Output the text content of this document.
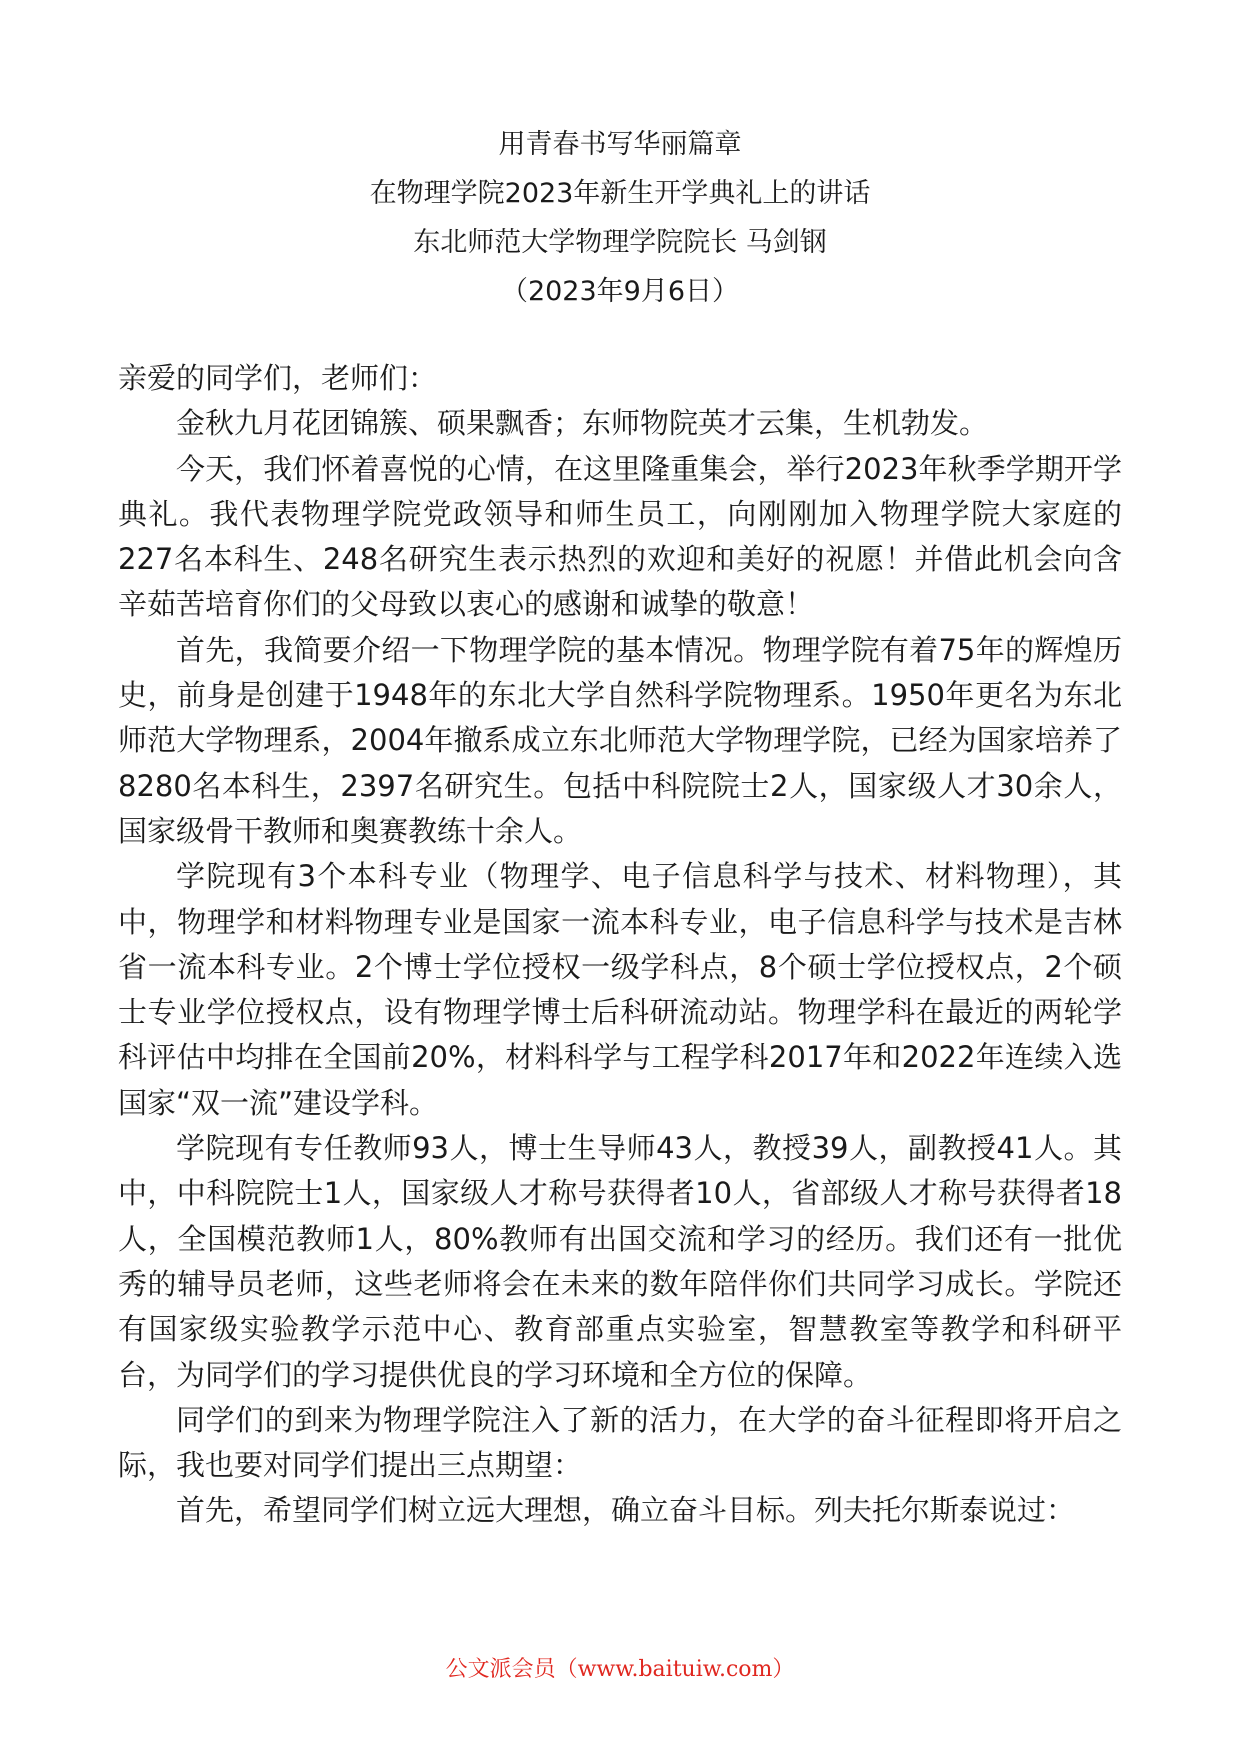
用青春书写华丽篇章
在物理学院2023年新生开学典礼上的讲话
东北师范大学物理学院院长 马剑钢
（2023年9月6日）

亲爱的同学们，老师们：

金秋九月花团锦簇、硕果飘香；东师物院英才云集，生机勃发。

今天，我们怀着喜悦的心情，在这里隆重集会，举行2023年秋季学期开学典礼。我代表物理学院党政领导和师生员工，向刚刚加入物理学院大家庭的227名本科生、248名研究生表示热烈的欢迎和美好的祝愿！并借此机会向含辛茹苦培育你们的父母致以衷心的感谢和诚挚的敬意！

首先，我简要介绍一下物理学院的基本情况。物理学院有着75年的辉煌历史，前身是创建于1948年的东北大学自然科学院物理系。1950年更名为东北师范大学物理系，2004年撤系成立东北师范大学物理学院，已经为国家培养了8280名本科生，2397名研究生。包括中科院院士2人，国家级人才30余人，国家级骨干教师和奥赛教练十余人。

学院现有3个本科专业（物理学、电子信息科学与技术、材料物理），其中，物理学和材料物理专业是国家一流本科专业，电子信息科学与技术是吉林省一流本科专业。2个博士学位授权一级学科点，8个硕士学位授权点，2个硕士专业学位授权点，设有物理学博士后科研流动站。物理学科在最近的两轮学科评估中均排在全国前20%，材料科学与工程学科2017年和2022年连续入选国家“双一流”建设学科。

学院现有专任教师93人，博士生导师43人，教授39人，副教授41人。其中，中科院院士1人，国家级人才称号获得者10人，省部级人才称号获得者18人，全国模范教师1人，80%教师有出国交流和学习的经历。我们还有一批优秀的辅导员老师，这些老师将会在未来的数年陪伴你们共同学习成长。学院还有国家级实验教学示范中心、教育部重点实验室，智慧教室等教学和科研平台，为同学们的学习提供优良的学习环境和全方位的保障。

同学们的到来为物理学院注入了新的活力，在大学的奋斗征程即将开启之际，我也要对同学们提出三点期望：

首先，希望同学们树立远大理想，确立奋斗目标。列夫托尔斯泰说过：

公文派会员（www.baituiw.com）
